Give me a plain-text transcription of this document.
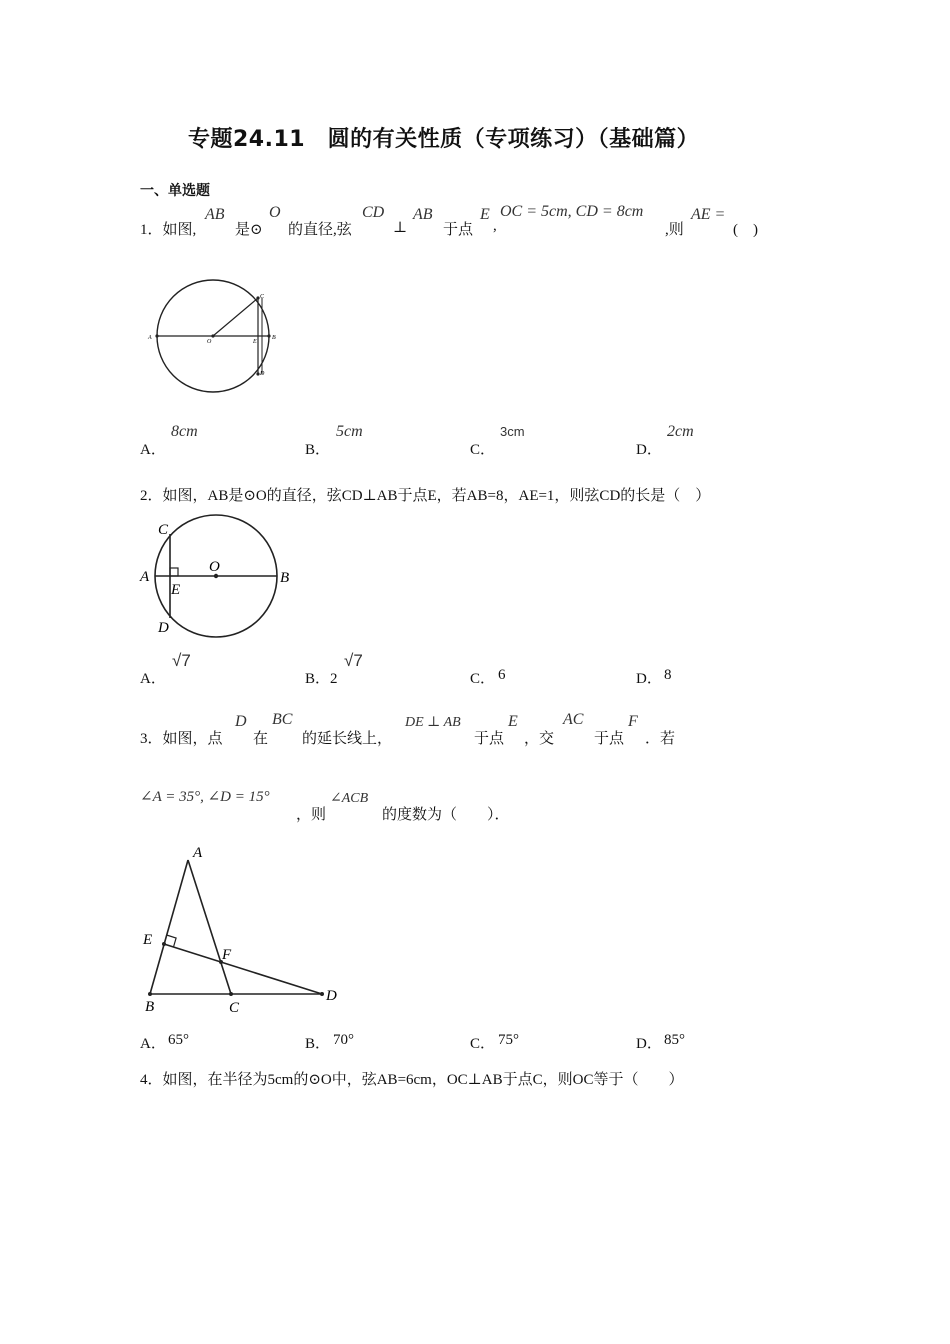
专题24.11　圆的有关性质（专项练习）（基础篇）
一、单选题
1．如图,
AB
是⊙
O
的直径,弦
CD
⊥
AB
于点
E
,
OC = 5cm, CD = 8cm
,则
AE =
(　)
A
O
C
E
B
D
A．
8cm
B．
5cm
C．
3cm
D．
2cm
2．如图，AB是⊙O的直径，弦CD⊥AB于点E，若AB=8，AE=1，则弦CD的长是（　）
C
A
O
B
E
D
A．
√7
B．2
√7
C． 6	D． 8
3．如图，点
D
在
BC
的延长线上，
DE ⊥ AB
于点
E
，交
AC
于点
F
．若
∠A = 35°, ∠D = 15°
，则
∠ACB
的度数为（　　）．
A
E
F
B	C
D
A． 65°	B． 70°	C． 75°	D． 85°
4．如图，在半径为5cm的⊙O中，弦AB=6cm，OC⊥AB于点C，则OC等于（　　）
